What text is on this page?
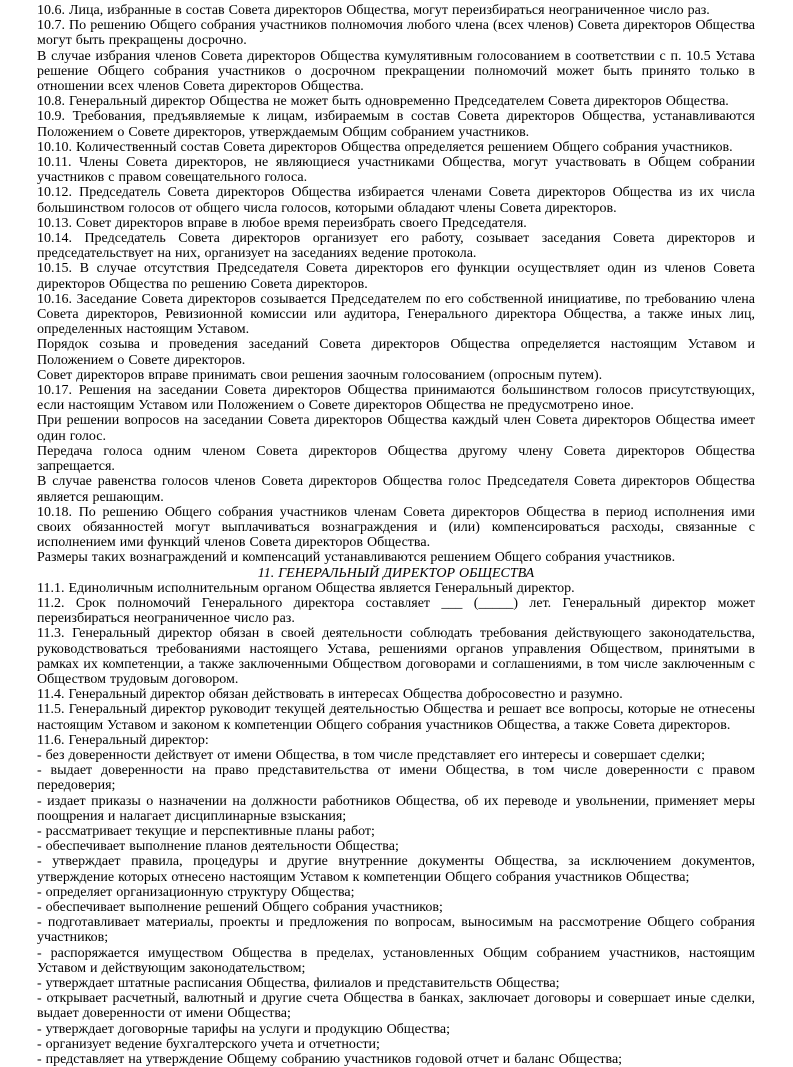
10.6. Лица, избранные в состав Совета директоров Общества, могут переизбираться неограниченное число раз.

10.7. По решению Общего собрания участников полномочия любого члена (всех членов) Совета директоров Общества могут быть прекращены досрочно.

В случае избрания членов Совета директоров Общества кумулятивным голосованием в соответствии с п. 10.5 Устава решение Общего собрания участников о досрочном прекращении полномочий может быть принято только в отношении всех членов Совета директоров Общества.

10.8. Генеральный директор Общества не может быть одновременно Председателем Совета директоров Общества.

10.9. Требования, предъявляемые к лицам, избираемым в состав Совета директоров Общества, устанавливаются Положением о Совете директоров, утверждаемым Общим собранием участников.

10.10. Количественный состав Совета директоров Общества определяется решением Общего собрания участников.

10.11. Члены Совета директоров, не являющиеся участниками Общества, могут участвовать в Общем собрании участников с правом совещательного голоса.

10.12. Председатель Совета директоров Общества избирается членами Совета директоров Общества из их числа большинством голосов от общего числа голосов, которыми обладают члены Совета директоров.

10.13. Совет директоров вправе в любое время переизбрать своего Председателя.

10.14. Председатель Совета директоров организует его работу, созывает заседания Совета директоров и председательствует на них, организует на заседаниях ведение протокола.

10.15. В случае отсутствия Председателя Совета директоров его функции осуществляет один из членов Совета директоров Общества по решению Совета директоров.

10.16. Заседание Совета директоров созывается Председателем по его собственной инициативе, по требованию члена Совета директоров, Ревизионной комиссии или аудитора, Генерального директора Общества, а также иных лиц, определенных настоящим Уставом.

Порядок созыва и проведения заседаний Совета директоров Общества определяется настоящим Уставом и Положением о Совете директоров.

Совет директоров вправе принимать свои решения заочным голосованием (опросным путем).

10.17. Решения на заседании Совета директоров Общества принимаются большинством голосов присутствующих, если настоящим Уставом или Положением о Совете директоров Общества не предусмотрено иное.

При решении вопросов на заседании Совета директоров Общества каждый член Совета директоров Общества имеет один голос.

Передача голоса одним членом Совета директоров Общества другому члену Совета директоров Общества запрещается.

В случае равенства голосов членов Совета директоров Общества голос Председателя Совета директоров Общества является решающим.

10.18. По решению Общего собрания участников членам Совета директоров Общества в период исполнения ими своих обязанностей могут выплачиваться вознаграждения и (или) компенсироваться расходы, связанные с исполнением ими функций членов Совета директоров Общества.

Размеры таких вознаграждений и компенсаций устанавливаются решением Общего собрания участников.

11. ГЕНЕРАЛЬНЫЙ ДИРЕКТОР ОБЩЕСТВА

11.1. Единоличным исполнительным органом Общества является Генеральный директор.

11.2. Срок полномочий Генерального директора составляет ___ (_____) лет. Генеральный директор может переизбираться неограниченное число раз.

11.3. Генеральный директор обязан в своей деятельности соблюдать требования действующего законодательства, руководствоваться требованиями настоящего Устава, решениями органов управления Обществом, принятыми в рамках их компетенции, а также заключенными Обществом договорами и соглашениями, в том числе заключенным с Обществом трудовым договором.

11.4. Генеральный директор обязан действовать в интересах Общества добросовестно и разумно.

11.5. Генеральный директор руководит текущей деятельностью Общества и решает все вопросы, которые не отнесены настоящим Уставом и законом к компетенции Общего собрания участников Общества, а также Совета директоров.

11.6. Генеральный директор:

- без доверенности действует от имени Общества, в том числе представляет его интересы и совершает сделки;

- выдает доверенности на право представительства от имени Общества, в том числе доверенности с правом передоверия;

- издает приказы о назначении на должности работников Общества, об их переводе и увольнении, применяет меры поощрения и налагает дисциплинарные взыскания;

- рассматривает текущие и перспективные планы работ;

- обеспечивает выполнение планов деятельности Общества;

- утверждает правила, процедуры и другие внутренние документы Общества, за исключением документов, утверждение которых отнесено настоящим Уставом к компетенции Общего собрания участников Общества;

- определяет организационную структуру Общества;

- обеспечивает выполнение решений Общего собрания участников;

- подготавливает материалы, проекты и предложения по вопросам, выносимым на рассмотрение Общего собрания участников;

- распоряжается имуществом Общества в пределах, установленных Общим собранием участников, настоящим Уставом и действующим законодательством;

- утверждает штатные расписания Общества, филиалов и представительств Общества;

- открывает расчетный, валютный и другие счета Общества в банках, заключает договоры и совершает иные сделки, выдает доверенности от имени Общества;

- утверждает договорные тарифы на услуги и продукцию Общества;

- организует ведение бухгалтерского учета и отчетности;

- представляет на утверждение Общему собранию участников годовой отчет и баланс Общества;
